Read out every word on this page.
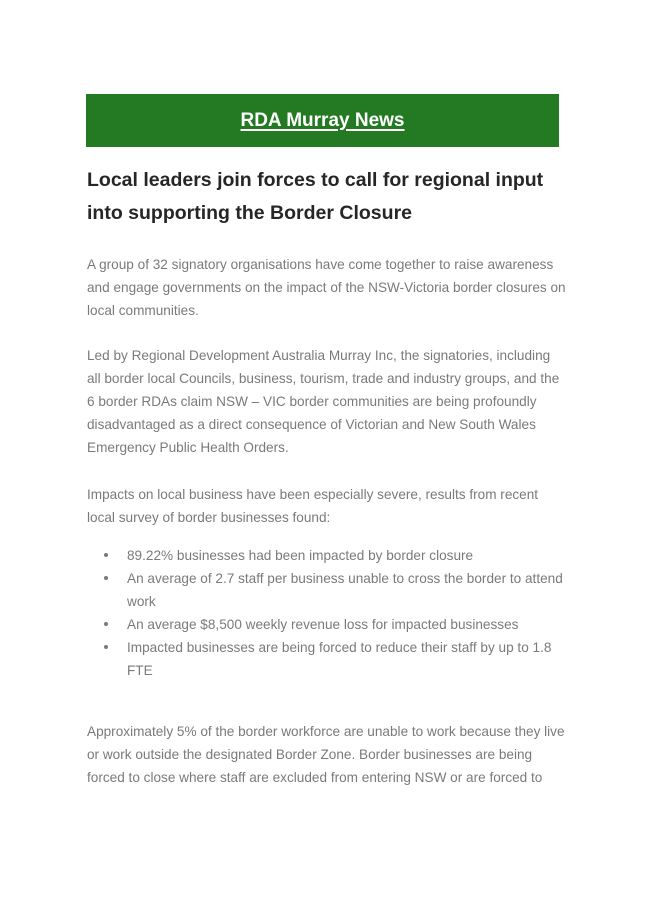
RDA Murray News
Local leaders join forces to call for regional input into supporting the Border Closure

A group of 32 signatory organisations have come together to raise awareness and engage governments on the impact of the NSW-Victoria border closures on local communities.

Led by Regional Development Australia Murray Inc, the signatories, including all border local Councils, business, tourism, trade and industry groups, and the 6 border RDAs claim NSW – VIC border communities are being profoundly disadvantaged as a direct consequence of Victorian and New South Wales Emergency Public Health Orders.

Impacts on local business have been especially severe, results from recent local survey of border businesses found:

89.22% businesses had been impacted by border closure
An average of 2.7 staff per business unable to cross the border to attend work
An average $8,500 weekly revenue loss for impacted businesses
Impacted businesses are being forced to reduce their staff by up to 1.8 FTE

Approximately 5% of the border workforce are unable to work because they live or work outside the designated Border Zone. Border businesses are being forced to close where staff are excluded from entering NSW or are forced to
